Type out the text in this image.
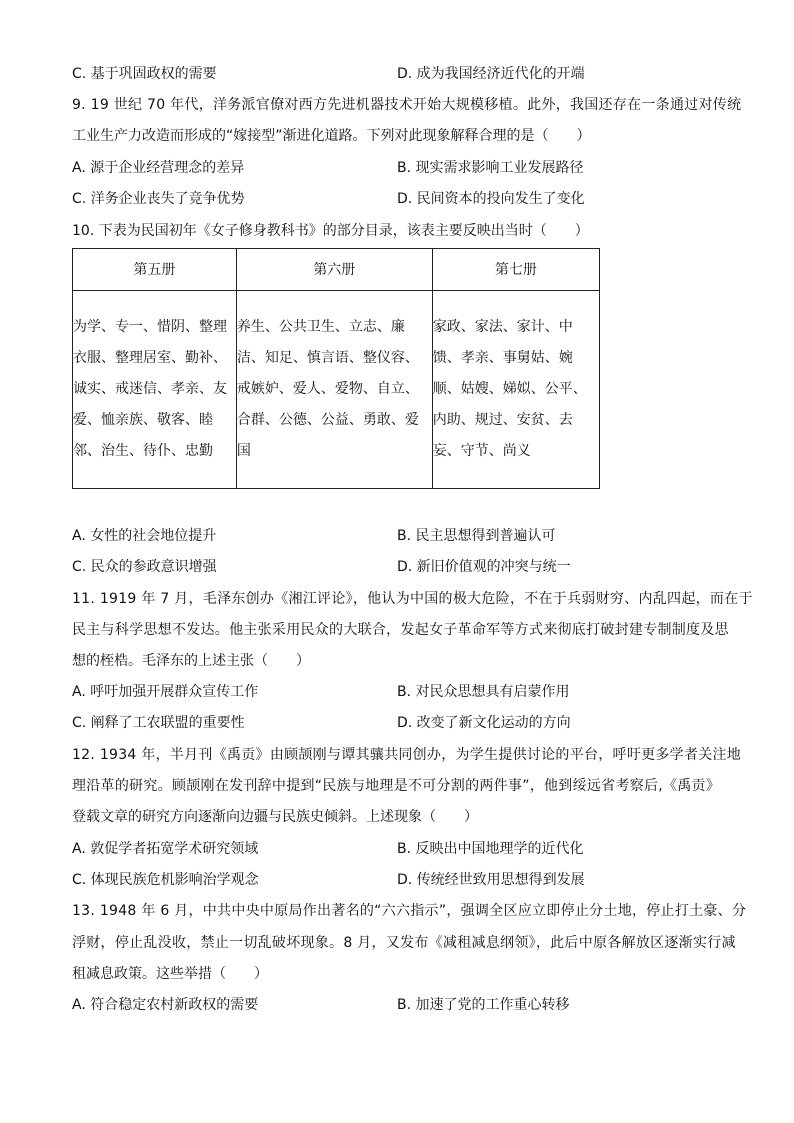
C. 基于巩固政权的需要	D. 成为我国经济近代化的开端
9. 19 世纪 70 年代，洋务派官僚对西方先进机器技术开始大规模移植。此外，我国还存在一条通过对传统
工业生产力改造而形成的“嫁接型”渐进化道路。下列对此现象解释合理的是（　　）
A. 源于企业经营理念的差异	B. 现实需求影响工业发展路径
C. 洋务企业丧失了竞争优势	D. 民间资本的投向发生了变化
10. 下表为民国初年《女子修身教科书》的部分目录，该表主要反映出当时（　　）
第五册	第六册	第七册

为学、专一、惜阴、整理衣服、整理居室、勤补、诚实、戒迷信、孝亲、友爱、恤亲族、敬客、睦邻、治生、待仆、忠勤	养生、公共卫生、立志、廉洁、知足、慎言语、整仪容、戒嫉妒、爱人、爱物、自立、合群、公德、公益、勇敢、爱国	家政、家法、家计、中馈、孝亲、事舅姑、婉顺、姑嫂、娣姒、公平、内助、规过、安贫、去妄、守节、尚义
A. 女性的社会地位提升	B. 民主思想得到普遍认可
C. 民众的参政意识增强	D. 新旧价值观的冲突与统一
11. 1919 年 7 月，毛泽东创办《湘江评论》，他认为中国的极大危险，不在于兵弱财穷、内乱四起，而在于
民主与科学思想不发达。他主张采用民众的大联合，发起女子革命军等方式来彻底打破封建专制制度及思
想的桎梏。毛泽东的上述主张（　　）
A. 呼吁加强开展群众宣传工作	B. 对民众思想具有启蒙作用
C. 阐释了工农联盟的重要性	D. 改变了新文化运动的方向
12. 1934 年，半月刊《禹贡》由顾颉刚与谭其骧共同创办，为学生提供讨论的平台，呼吁更多学者关注地
理沿革的研究。顾颉刚在发刊辞中提到“民族与地理是不可分割的两件事”，他到绥远省考察后,《禹贡》
登载文章的研究方向逐渐向边疆与民族史倾斜。上述现象（　　）
A. 敦促学者拓宽学术研究领域	B. 反映出中国地理学的近代化
C. 体现民族危机影响治学观念	D. 传统经世致用思想得到发展
13. 1948 年 6 月，中共中央中原局作出著名的“六六指示”，强调全区应立即停止分土地，停止打土豪、分
浮财，停止乱没收，禁止一切乱破坏现象。8 月，又发布《减租减息纲领》，此后中原各解放区逐渐实行减
租减息政策。这些举措（　　）
A. 符合稳定农村新政权的需要	B. 加速了党的工作重心转移
